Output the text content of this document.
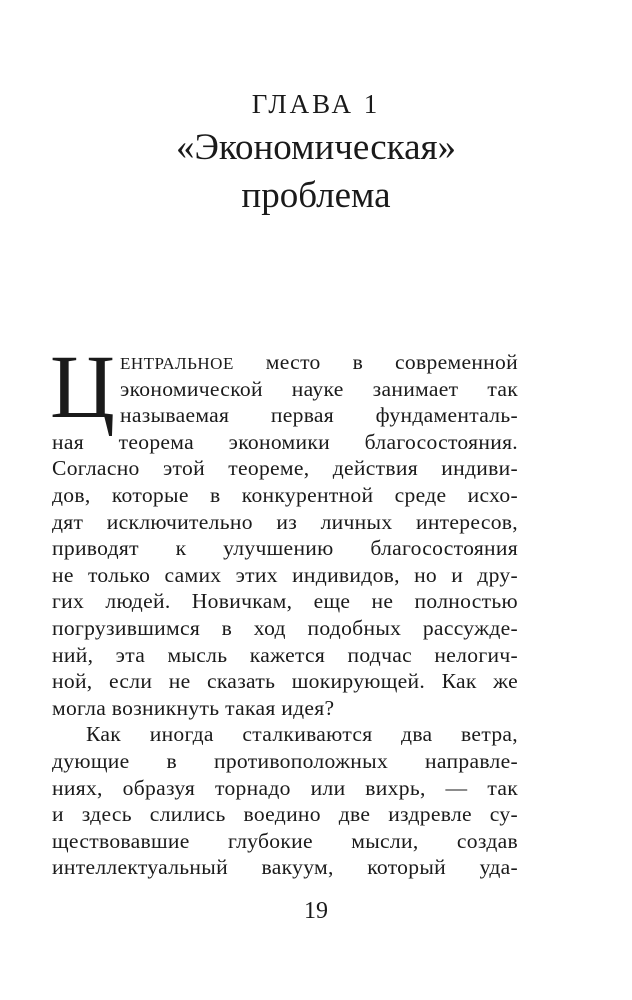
ГЛАВА 1
«Экономическая»
проблема
Ц ЕНТРАЛЬНОЕ место в современной
экономической науке занимает так
называемая первая фундаменталь-
ная теорема экономики благосостояния.
Согласно этой теореме, действия индиви-
дов, которые в конкурентной среде исхо-
дят исключительно из личных интересов,
приводят к улучшению благосостояния
не только самих этих индивидов, но и дру-
гих людей. Новичкам, еще не полностью
погрузившимся в ход подобных рассужде-
ний, эта мысль кажется подчас нелогич-
ной, если не сказать шокирующей. Как же
могла возникнуть такая идея?
Как иногда сталкиваются два ветра,
дующие в противоположных направле-
ниях, образуя торнадо или вихрь, — так
и здесь слились воедино две издревле су-
ществовавшие глубокие мысли, создав
интеллектуальный вакуум, который уда-
19
